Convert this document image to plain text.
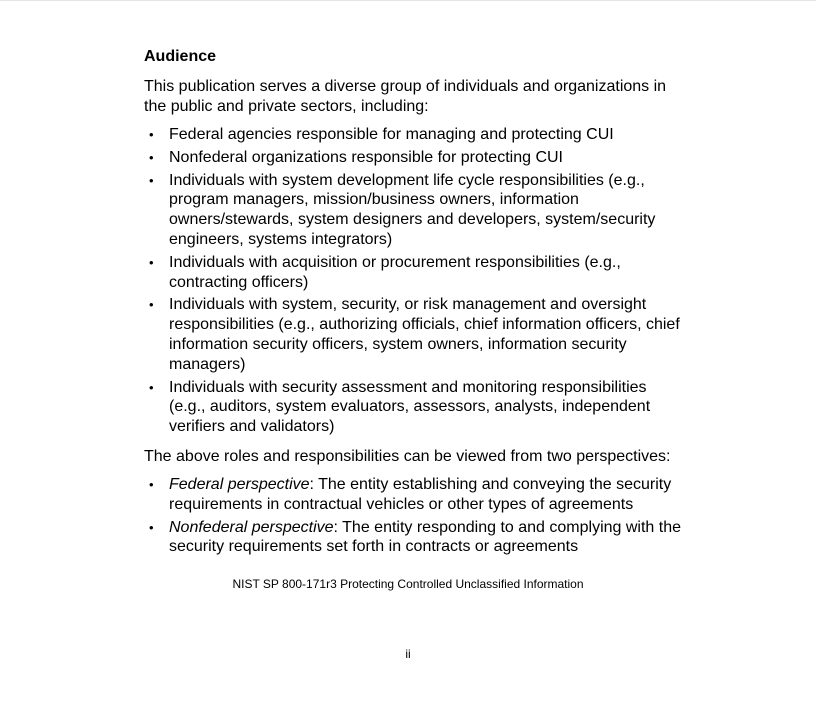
Audience

This publication serves a diverse group of individuals and organizations in the public and private sectors, including:

• Federal agencies responsible for managing and protecting CUI
• Nonfederal organizations responsible for protecting CUI
• Individuals with system development life cycle responsibilities (e.g., program managers, mission/business owners, information owners/stewards, system designers and developers, system/security engineers, systems integrators)
• Individuals with acquisition or procurement responsibilities (e.g., contracting officers)
• Individuals with system, security, or risk management and oversight responsibilities (e.g., authorizing officials, chief information officers, chief information security officers, system owners, information security managers)
• Individuals with security assessment and monitoring responsibilities (e.g., auditors, system evaluators, assessors, analysts, independent verifiers and validators)

The above roles and responsibilities can be viewed from two perspectives:

• Federal perspective: The entity establishing and conveying the security requirements in contractual vehicles or other types of agreements
• Nonfederal perspective: The entity responding to and complying with the security requirements set forth in contracts or agreements
NIST SP 800-171r3 Protecting Controlled Unclassified Information
ii
